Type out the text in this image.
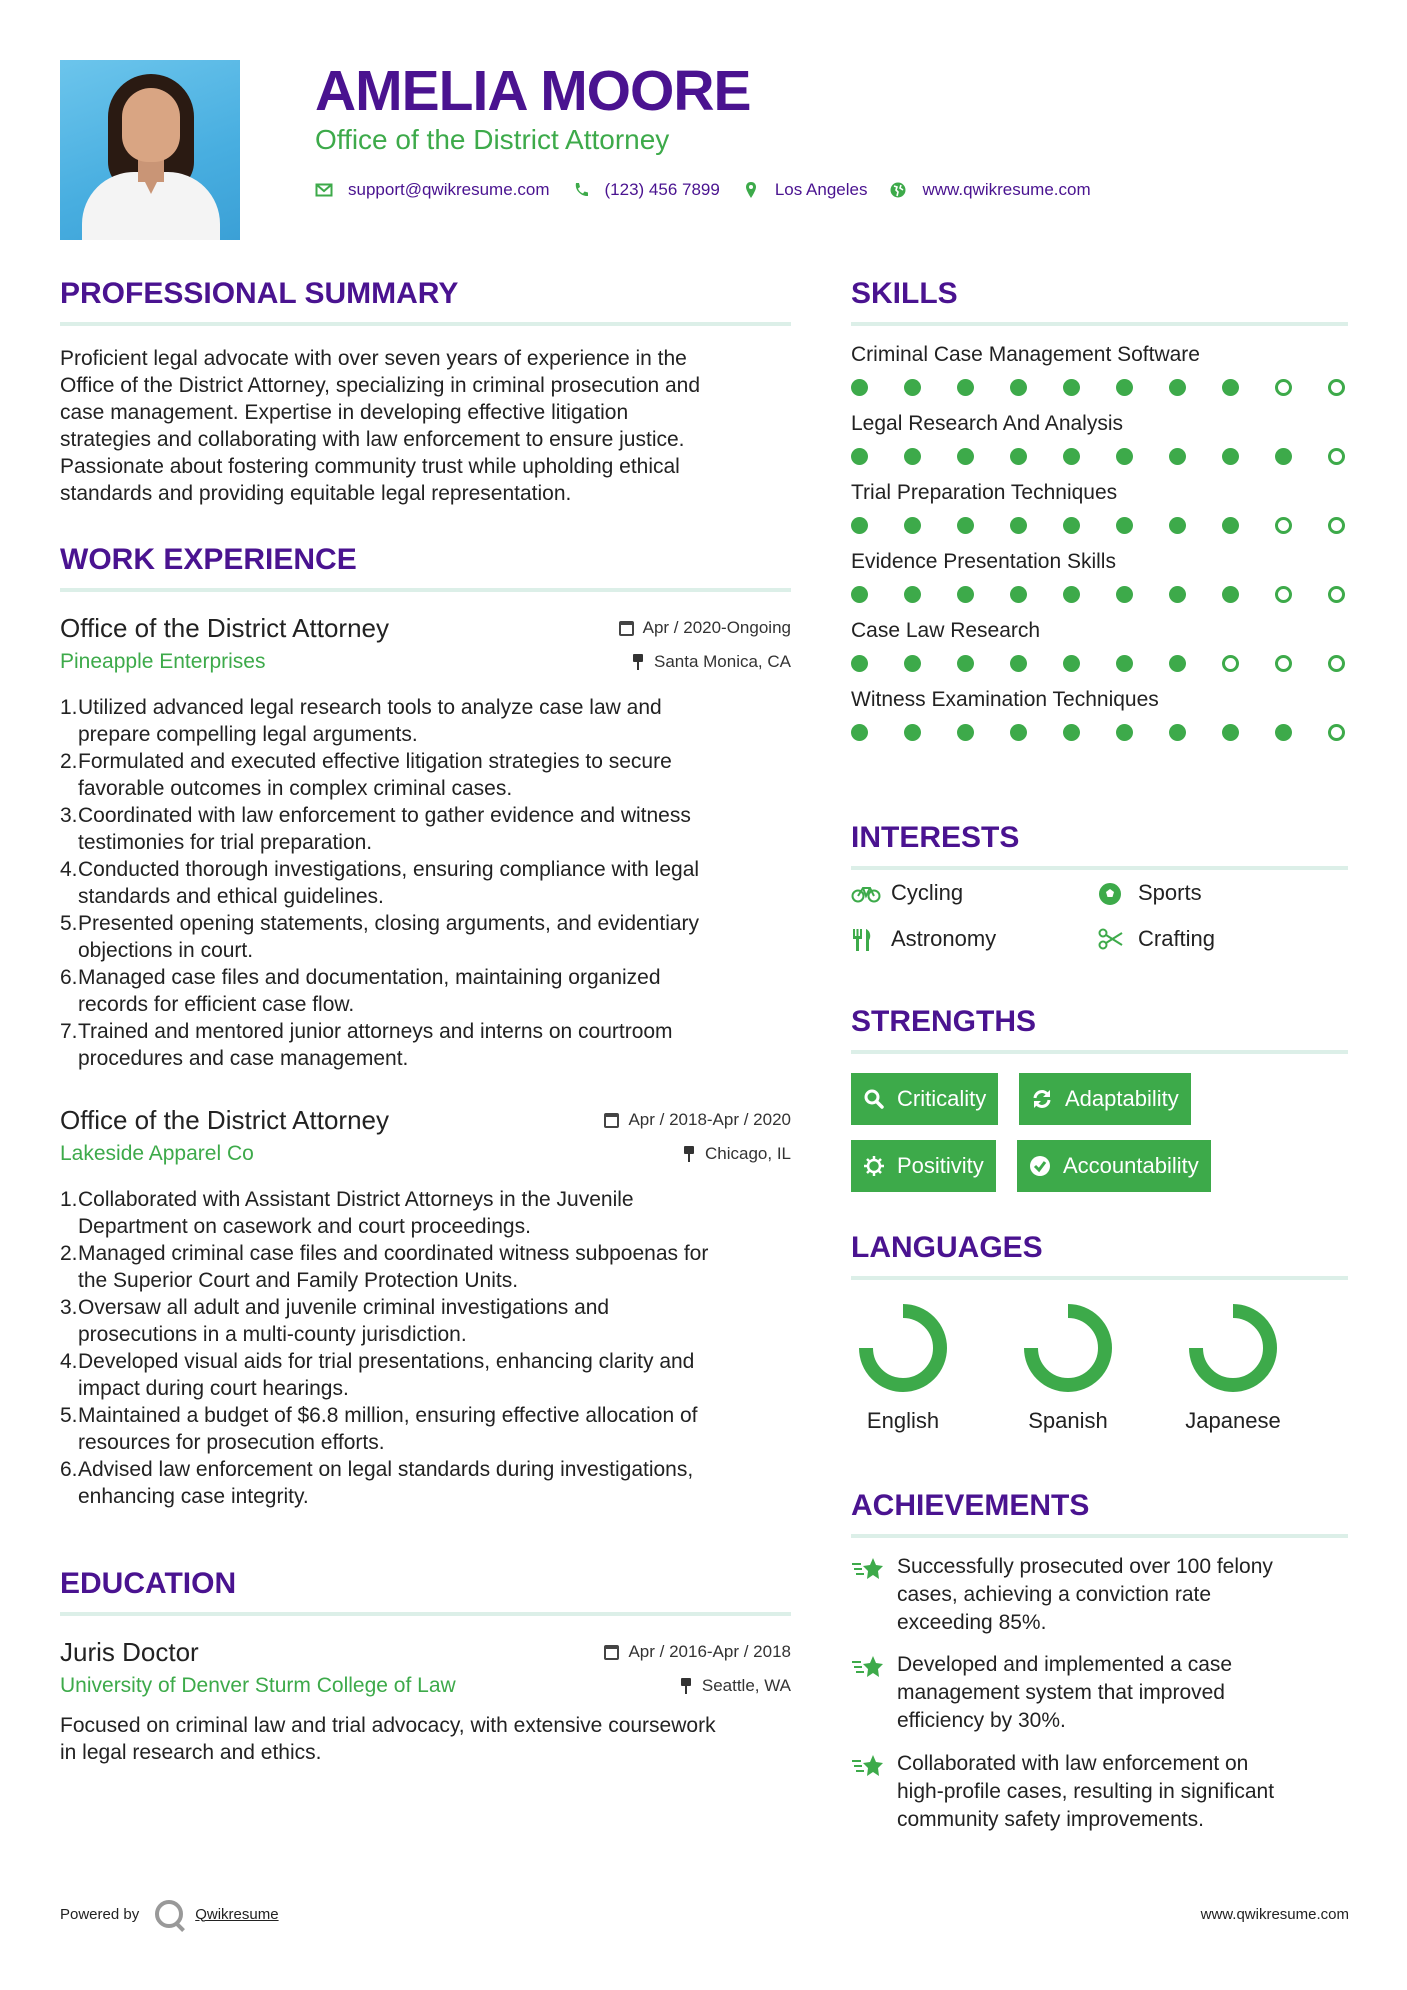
AMELIA MOORE
Office of the District Attorney
support@qwikresume.com	(123) 456 7899	Los Angeles	www.qwikresume.com
PROFESSIONAL SUMMARY
Proficient legal advocate with over seven years of experience in the
Office of the District Attorney, specializing in criminal prosecution and
case management. Expertise in developing effective litigation
strategies and collaborating with law enforcement to ensure justice.
Passionate about fostering community trust while upholding ethical
standards and providing equitable legal representation.
WORK EXPERIENCE
Office of the District Attorney	Apr / 2020-Ongoing
Pineapple Enterprises	Santa Monica, CA
1. Utilized advanced legal research tools to analyze case law and
prepare compelling legal arguments.
2. Formulated and executed effective litigation strategies to secure
favorable outcomes in complex criminal cases.
3. Coordinated with law enforcement to gather evidence and witness
testimonies for trial preparation.
4. Conducted thorough investigations, ensuring compliance with legal
standards and ethical guidelines.
5. Presented opening statements, closing arguments, and evidentiary
objections in court.
6. Managed case files and documentation, maintaining organized
records for efficient case flow.
7. Trained and mentored junior attorneys and interns on courtroom
procedures and case management.
Office of the District Attorney	Apr / 2018-Apr / 2020
Lakeside Apparel Co	Chicago, IL
1. Collaborated with Assistant District Attorneys in the Juvenile
Department on casework and court proceedings.
2. Managed criminal case files and coordinated witness subpoenas for
the Superior Court and Family Protection Units.
3. Oversaw all adult and juvenile criminal investigations and
prosecutions in a multi-county jurisdiction.
4. Developed visual aids for trial presentations, enhancing clarity and
impact during court hearings.
5. Maintained a budget of $6.8 million, ensuring effective allocation of
resources for prosecution efforts.
6. Advised law enforcement on legal standards during investigations,
enhancing case integrity.
EDUCATION
Juris Doctor	Apr / 2016-Apr / 2018
University of Denver Sturm College of Law	Seattle, WA
Focused on criminal law and trial advocacy, with extensive coursework
in legal research and ethics.
SKILLS
Criminal Case Management Software
Legal Research And Analysis
Trial Preparation Techniques
Evidence Presentation Skills
Case Law Research
Witness Examination Techniques
INTERESTS
Cycling	Sports
Astronomy	Crafting
STRENGTHS
Criticality	Adaptability
Positivity	Accountability
LANGUAGES
English	Spanish	Japanese
ACHIEVEMENTS
Successfully prosecuted over 100 felony
cases, achieving a conviction rate
exceeding 85%.
Developed and implemented a case
management system that improved
efficiency by 30%.
Collaborated with law enforcement on
high-profile cases, resulting in significant
community safety improvements.
Powered by	Qwikresume	www.qwikresume.com
